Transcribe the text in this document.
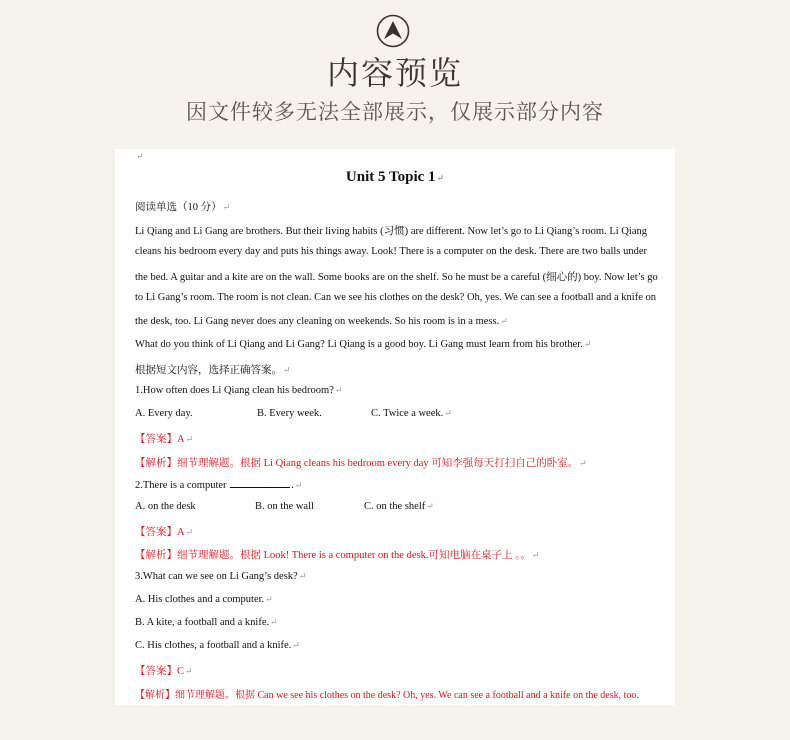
内容预览
因文件较多无法全部展示，仅展示部分内容
↵
Unit 5 Topic 1↵
阅读单选（10 分）↵
Li Qiang and Li Gang are brothers. But their living habits (习惯) are different. Now let’s go to Li Qiang’s room. Li Qiang
cleans his bedroom every day and puts his things away. Look! There is a computer on the desk. There are two balls under
the bed. A guitar and a kite are on the wall. Some books are on the shelf. So he must be a careful (细心的) boy. Now let’s go
to Li Gang’s room. The room is not clean. Can we see his clothes on the desk? Oh, yes. We can see a football and a knife on
the desk, too. Li Gang never does any cleaning on weekends. So his room is in a mess.↵
What do you think of Li Qiang and Li Gang? Li Qiang is a good boy. Li Gang must learn from his brother.↵
根据短文内容，选择正确答案。↵
1.How often does Li Qiang clean his bedroom?↵
A. Every day.	B. Every week.	C. Twice a week.↵
【答案】A↵
【解析】细节理解题。根据 Li Qiang cleans his bedroom every day 可知李强每天打扫自己的卧室。↵
2.There is a computer	.↵
A. on the desk	B. on the wall	C. on the shelf↵
【答案】A↵
【解析】细节理解题。根据 Look! There is a computer on the desk.可知电脑在桌子上 。。↵
3.What can we see on Li Gang’s desk?↵
A. His clothes and a computer.↵
B. A kite, a football and a knife.↵
C. His clothes, a football and a knife.↵
【答案】C↵
【解析】细节理解题。根据 Can we see his clothes on the desk? Oh, yes. We can see a football and a knife on the desk, too.
